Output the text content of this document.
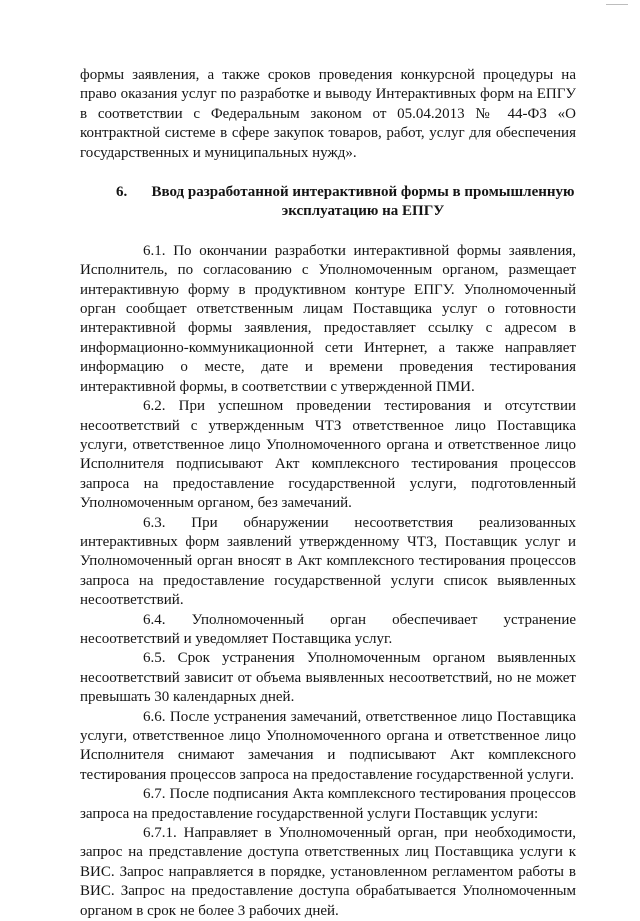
формы заявления, а также сроков проведения конкурсной процедуры на право оказания услуг по разработке и выводу Интерактивных форм на ЕПГУ в соответствии с Федеральным законом от 05.04.2013 № 44-ФЗ «О контрактной системе в сфере закупок товаров, работ, услуг для обеспечения государственных и муниципальных нужд».

6.	Ввод разработанной интерактивной формы в промышленную эксплуатацию на ЕПГУ

6.1. По окончании разработки интерактивной формы заявления, Исполнитель, по согласованию с Уполномоченным органом, размещает интерактивную форму в продуктивном контуре ЕПГУ. Уполномоченный орган сообщает ответственным лицам Поставщика услуг о готовности интерактивной формы заявления, предоставляет ссылку с адресом в информационно-коммуникационной сети Интернет, а также направляет информацию о месте, дате и времени проведения тестирования интерактивной формы, в соответствии с утвержденной ПМИ.

6.2. При успешном проведении тестирования и отсутствии несоответствий с утвержденным ЧТЗ ответственное лицо Поставщика услуги, ответственное лицо Уполномоченного органа и ответственное лицо Исполнителя подписывают Акт комплексного тестирования процессов запроса на предоставление государственной услуги, подготовленный Уполномоченным органом, без замечаний.

6.3. При обнаружении несоответствия реализованных интерактивных форм заявлений утвержденному ЧТЗ, Поставщик услуг и Уполномоченный орган вносят в Акт комплексного тестирования процессов запроса на предоставление государственной услуги список выявленных несоответствий.

6.4. Уполномоченный орган обеспечивает устранение несоответствий и уведомляет Поставщика услуг.

6.5. Срок устранения Уполномоченным органом выявленных несоответствий зависит от объема выявленных несоответствий, но не может превышать 30 календарных дней.

6.6. После устранения замечаний, ответственное лицо Поставщика услуги, ответственное лицо Уполномоченного органа и ответственное лицо Исполнителя снимают замечания и подписывают Акт комплексного тестирования процессов запроса на предоставление государственной услуги.

6.7. После подписания Акта комплексного тестирования процессов запроса на предоставление государственной услуги Поставщик услуги:

6.7.1. Направляет в Уполномоченный орган, при необходимости, запрос на представление доступа ответственных лиц Поставщика услуги к ВИС. Запрос направляется в порядке, установленном регламентом работы в ВИС. Запрос на предоставление доступа обрабатывается Уполномоченным органом в срок не более 3 рабочих дней.
